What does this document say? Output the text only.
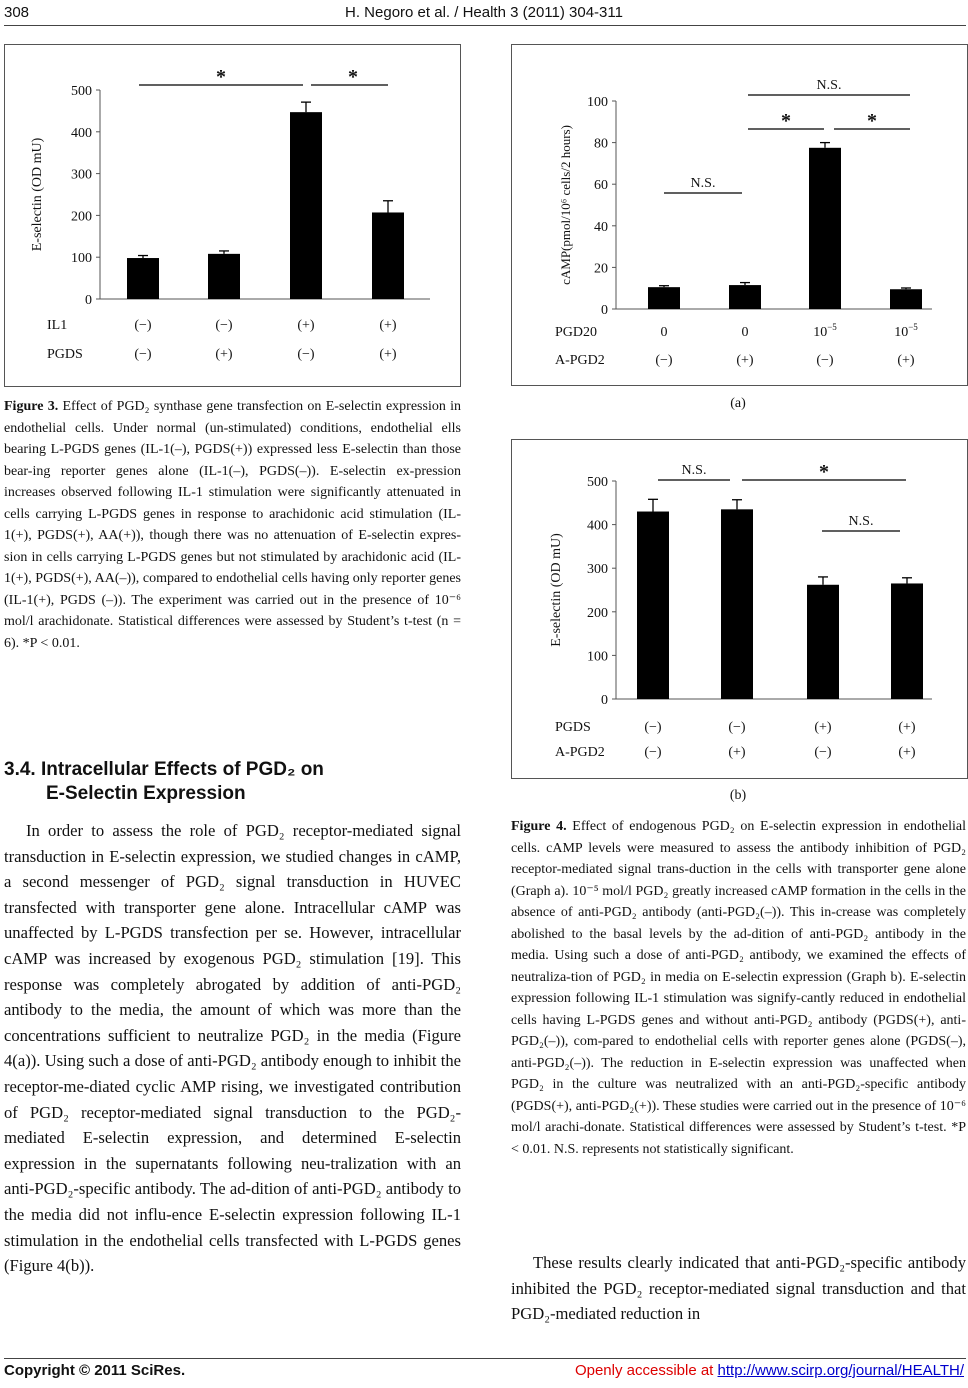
308	H. Negoro et al. / Health 3 (2011) 304-311
0
100
200
300
400
500
E-selectin (OD mU)
IL1	(−)	(−)	(+)	(+)
PGDS	(−)	(+)	(−)	(+)
*	*
Figure 3. Effect of PGD₂ synthase gene transfection on E-selectin expression in endothelial cells. Under normal (un-stimulated) conditions, endothelial ells bearing L-PGDS genes (IL-1(–), PGDS(+)) expressed less E-selectin than those bear-ing reporter genes alone (IL-1(–), PGDS(–)). E-selectin ex-pression increases observed following IL-1 stimulation were significantly attenuated in cells carrying L-PGDS genes in response to arachidonic acid stimulation (IL-1(+), PGDS(+), AA(+)), though there was no attenuation of E-selectin expres-sion in cells carrying L-PGDS genes but not stimulated by arachidonic acid (IL-1(+), PGDS(+), AA(–)), compared to endothelial cells having only reporter genes (IL-1(+), PGDS (–)). The experiment was carried out in the presence of 10⁻⁶ mol/l arachidonate. Statistical differences were assessed by Student’s t-test (n = 6). *P < 0.01.
3.4. Intracellular Effects of PGD₂ on
E-Selectin Expression

In order to assess the role of PGD₂ receptor-mediated signal transduction in E-selectin expression, we studied changes in cAMP, a second messenger of PGD₂ signal transduction in HUVEC transfected with transporter gene alone. Intracellular cAMP was unaffected by L-PGDS transfection per se. However, intracellular cAMP was increased by exogenous PGD₂ stimulation [19]. This response was completely abrogated by addition of anti-PGD₂ antibody to the media, the amount of which was more than the concentrations sufficient to neutralize PGD₂ in the media (Figure 4(a)). Using such a dose of anti-PGD₂ antibody enough to inhibit the receptor-me-diated cyclic AMP rising, we investigated contribution of PGD₂ receptor-mediated signal transduction to the PGD₂-mediated E-selectin expression, and determined E-selectin expression in the supernatants following neu-tralization with an anti-PGD₂-specific antibody. The ad-dition of anti-PGD₂ antibody to the media did not influ-ence E-selectin expression following IL-1 stimulation in the endothelial cells transfected with L-PGDS genes (Figure 4(b)).

0
20
40
60
80
100
cAMP(pmol/10⁶ cells/2 hours)
PGD20	0	0	$10^{-5}$	$10^{-5}$
A-PGD2	(−)	(+)	(−)	(+)
N.S.
*	*
N.S.
(a)
0
100
200
300
400
500
E-selectin (OD mU)
PGDS	(−)	(−)	(+)	(+)
A-PGD2	(−)	(+)	(−)	(+)
N.S.	*
N.S.
(b)
Figure 4. Effect of endogenous PGD₂ on E-selectin expression in endothelial cells. cAMP levels were measured to assess the antibody inhibition of PGD₂ receptor-mediated signal trans-duction in the cells with transporter gene alone (Graph a). 10⁻⁵ mol/l PGD₂ greatly increased cAMP formation in the cells in the absence of anti-PGD₂ antibody (anti-PGD₂(–)). This in-crease was completely abolished to the basal levels by the ad-dition of anti-PGD₂ antibody in the media. Using such a dose of anti-PGD₂ antibody, we examined the effects of neutraliza-tion of PGD₂ in media on E-selectin expression (Graph b). E-selectin expression following IL-1 stimulation was signify-cantly reduced in endothelial cells having L-PGDS genes and without anti-PGD₂ antibody (PGDS(+), anti-PGD₂(–)), com-pared to endothelial cells with reporter genes alone (PGDS(–), anti-PGD₂(–)). The reduction in E-selectin expression was unaffected when PGD₂ in the culture was neutralized with an anti-PGD₂-specific antibody (PGDS(+), anti-PGD₂(+)). These studies were carried out in the presence of 10⁻⁶ mol/l arachi-donate. Statistical differences were assessed by Student’s t-test. *P < 0.01. N.S. represents not statistically significant.

These results clearly indicated that anti-PGD₂-specific antibody inhibited the PGD₂ receptor-mediated signal transduction and that PGD₂-mediated reduction in

Copyright © 2011 SciRes.	Openly accessible at http://www.scirp.org/journal/HEALTH/
